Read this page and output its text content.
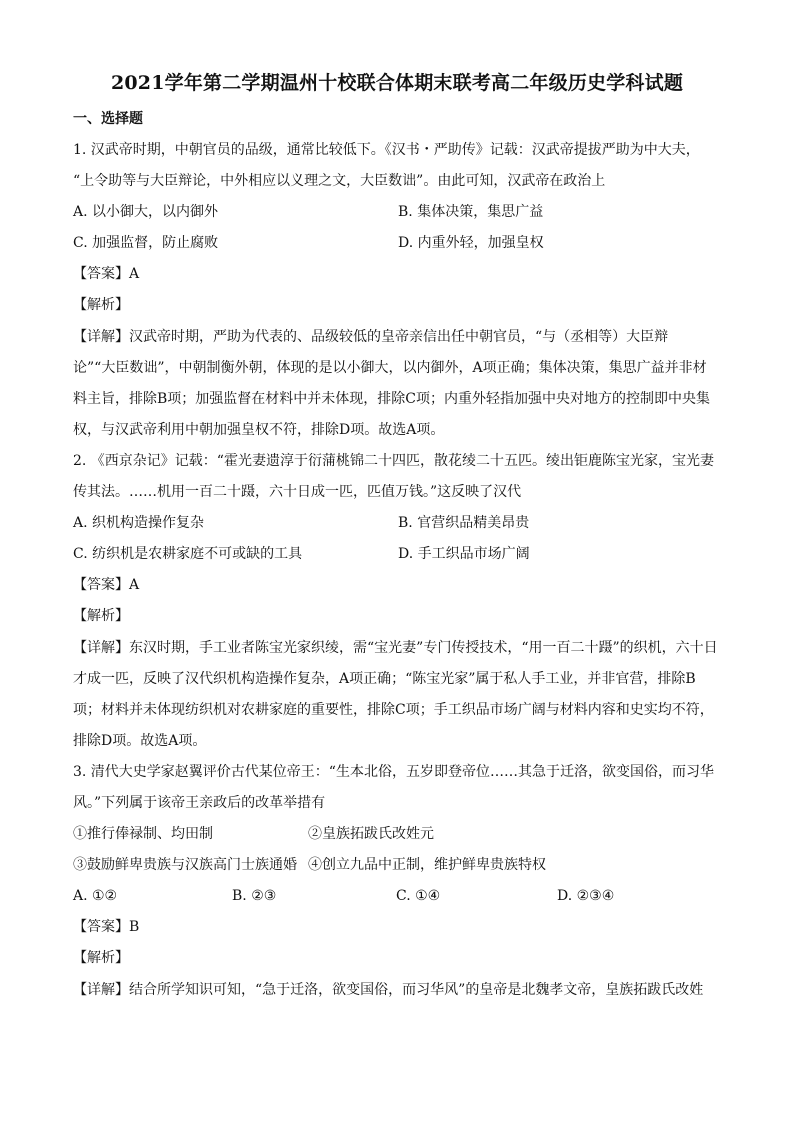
2021学年第二学期温州十校联合体期末联考高二年级历史学科试题
一、选择题
1. 汉武帝时期，中朝官员的品级，通常比较低下。《汉书・严助传》记载：汉武帝提拔严助为中大夫，
“上令助等与大臣辩论，中外相应以义理之文，大臣数诎”。由此可知，汉武帝在政治上
A. 以小御大，以内御外	B. 集体决策，集思广益
C. 加强监督，防止腐败	D. 内重外轻，加强皇权
【答案】A
【解析】
【详解】汉武帝时期，严助为代表的、品级较低的皇帝亲信出任中朝官员，“与（丞相等）大臣辩
论”“大臣数诎”，中朝制衡外朝，体现的是以小御大，以内御外，A项正确；集体决策，集思广益并非材
料主旨，排除B项；加强监督在材料中并未体现，排除C项；内重外轻指加强中央对地方的控制即中央集
权，与汉武帝利用中朝加强皇权不符，排除D项。故选A项。
2. 《西京杂记》记载：“霍光妻遗淳于衍蒲桃锦二十四匹，散花绫二十五匹。绫出钜鹿陈宝光家，宝光妻
传其法。……机用一百二十蹑，六十日成一匹，匹值万钱。”这反映了汉代
A. 织机构造操作复杂	B. 官营织品精美昂贵
C. 纺织机是农耕家庭不可或缺的工具	D. 手工织品市场广阔
【答案】A
【解析】
【详解】东汉时期，手工业者陈宝光家织绫，需“宝光妻”专门传授技术，“用一百二十蹑”的织机，六十日
才成一匹，反映了汉代织机构造操作复杂，A项正确；“陈宝光家”属于私人手工业，并非官营，排除B
项；材料并未体现纺织机对农耕家庭的重要性，排除C项；手工织品市场广阔与材料内容和史实均不符，
排除D项。故选A项。
3. 清代大史学家赵翼评价古代某位帝王：“生本北俗，五岁即登帝位……其急于迁洛，欲变国俗，而习华
风。”下列属于该帝王亲政后的改革举措有
①推行俸禄制、均田制	②皇族拓跋氏改姓元
③鼓励鲜卑贵族与汉族高门士族通婚 ④创立九品中正制，维护鲜卑贵族特权
A. ①②	B. ②③	C. ①④	D. ②③④
【答案】B
【解析】
【详解】结合所学知识可知，“急于迁洛，欲变国俗，而习华风”的皇帝是北魏孝文帝，皇族拓跋氏改姓
